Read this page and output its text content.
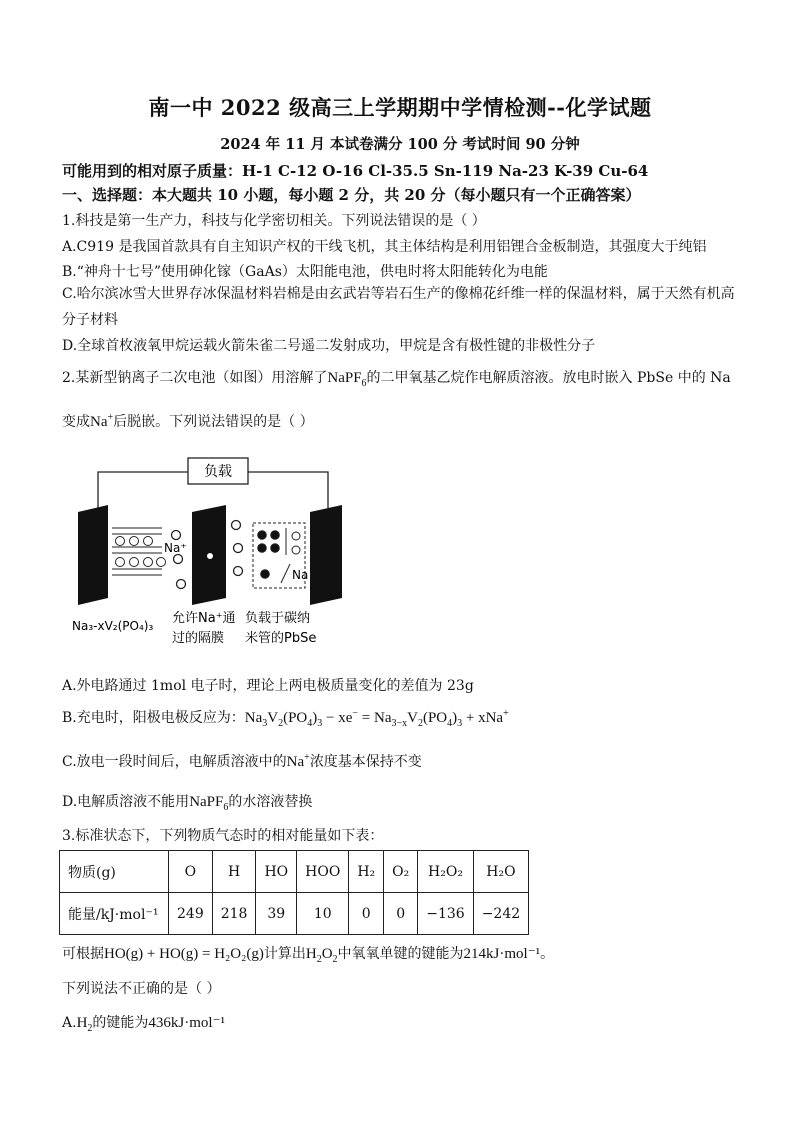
南一中 2022 级高三上学期期中学情检测--化学试题
2024 年 11 月 本试卷满分 100 分 考试时间 90 分钟
可能用到的相对原子质量：H-1 C-12 O-16 Cl-35.5 Sn-119 Na-23 K-39 Cu-64
一、选择题：本大题共 10 小题，每小题 2 分，共 20 分（每小题只有一个正确答案）
1.科技是第一生产力，科技与化学密切相关。下列说法错误的是（ ）
A.C919 是我国首款具有自主知识产权的干线飞机，其主体结构是利用铝锂合金板制造，其强度大于纯铝
B.“神舟十七号”使用砷化镓（GaAs）太阳能电池，供电时将太阳能转化为电能
C.哈尔滨冰雪大世界存冰保温材料岩棉是由玄武岩等岩石生产的像棉花纤维一样的保温材料，属于天然有机高分子材料
D.全球首枚液氧甲烷运载火箭朱雀二号遥二发射成功，甲烷是含有极性键的非极性分子
2.某新型钠离子二次电池（如图）用溶解了NaPF$_6$的二甲氧基乙烷作电解质溶液。放电时嵌入 PbSe 中的 Na
变成Na+后脱嵌。下列说法错误的是（ ）
负载
Na⁺
Na
Na₃-xV₂(PO₄)₃ 允许Na⁺通
过的隔膜
负载于碳纳
米管的PbSe
A.外电路通过 1mol 电子时，理论上两电极质量变化的差值为 23g
B.充电时，阳极电极反应为：$Na_3V_2(PO_4)_3 - xe^- = Na_{3-x}V_2(PO_4)_3 + xNa^+$
C.放电一段时间后，电解质溶液中的Na+浓度基本保持不变
D.电解质溶液不能用NaPF$_6$的水溶液替换
3.标准状态下，下列物质气态时的相对能量如下表：
物质(g)	O	H	HO	HOO	H₂	O₂	H₂O₂	H₂O
能量/kJ·mol⁻¹	249	218	39	10	0	0	−136	−242
可根据HO(g) + HO(g) = H₂O₂(g)计算出$H_2O_2$中氧氧单键的键能为214kJ·mol⁻¹。
下列说法不正确的是（ ）
$A.H_2$的键能为436kJ·mol⁻¹
